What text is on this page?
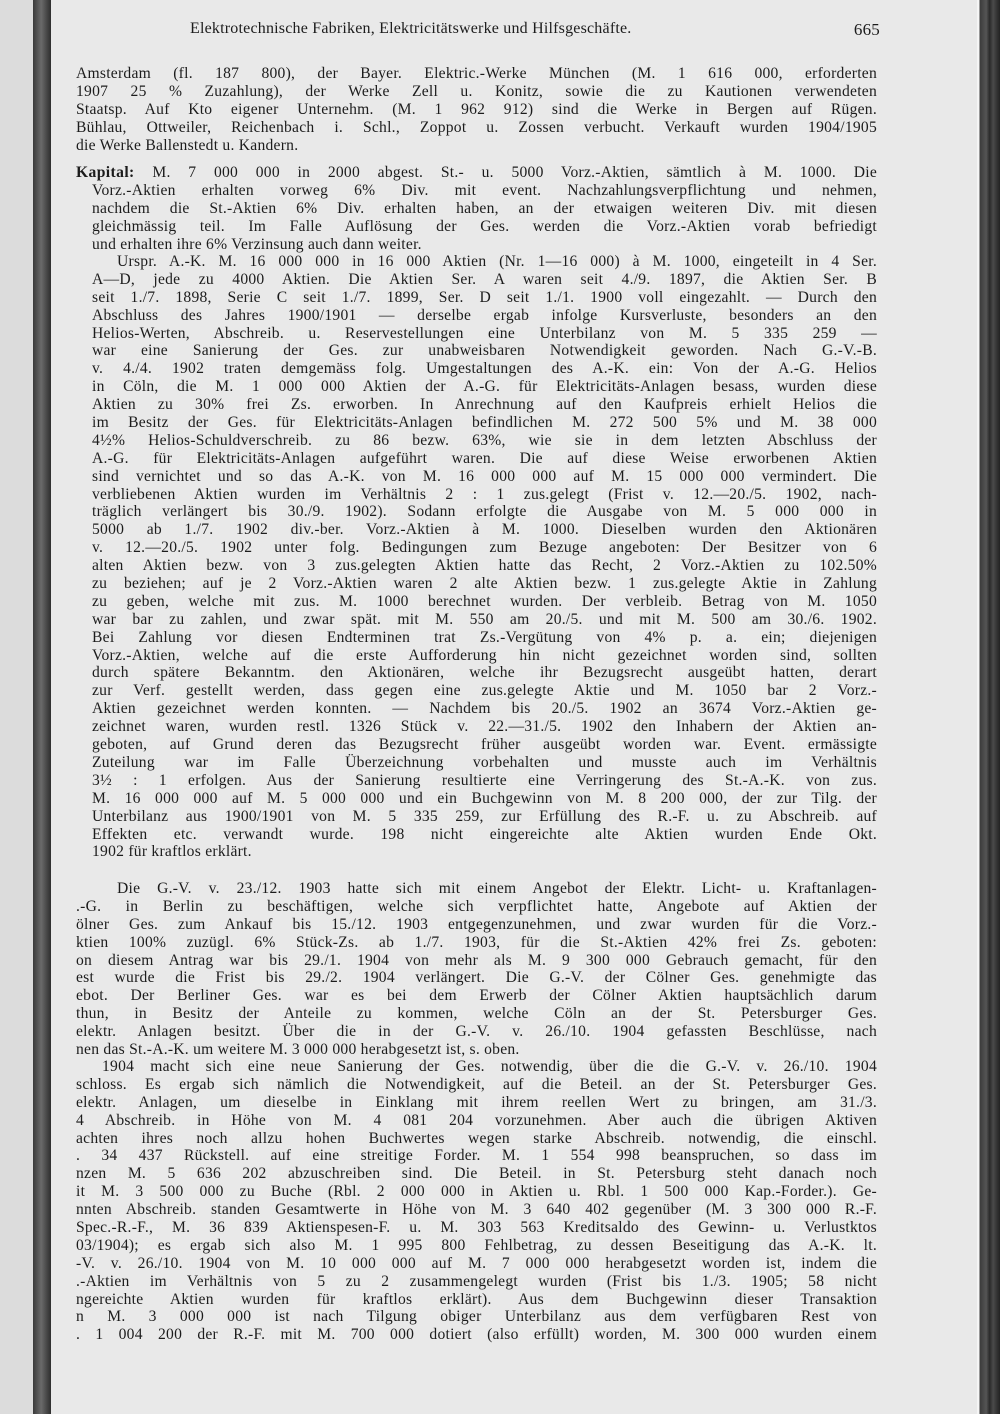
Elektrotechnische Fabriken, Elektricitätswerke und Hilfsgeschäfte.	665
Amsterdam (fl. 187 800), der Bayer. Elektric.-Werke München (M. 1 616 000, erforderten
1907 25 % Zuzahlung), der Werke Zell u. Konitz, sowie die zu Kautionen verwendeten
Staatsp. Auf Kto eigener Unternehm. (M. 1 962 912) sind die Werke in Bergen auf Rügen.
Bühlau, Ottweiler, Reichenbach i. Schl., Zoppot u. Zossen verbucht. Verkauft wurden 1904/1905
die Werke Ballenstedt u. Kandern.
Kapital: M. 7 000 000 in 2000 abgest. St.- u. 5000 Vorz.-Aktien, sämtlich à M. 1000. Die
Vorz.-Aktien erhalten vorweg 6% Div. mit event. Nachzahlungsverpflichtung und nehmen,
nachdem die St.-Aktien 6% Div. erhalten haben, an der etwaigen weiteren Div. mit diesen
gleichmässig teil. Im Falle Auflösung der Ges. werden die Vorz.-Aktien vorab befriedigt
und erhalten ihre 6% Verzinsung auch dann weiter.
Urspr. A.-K. M. 16 000 000 in 16 000 Aktien (Nr. 1—16 000) à M. 1000, eingeteilt in 4 Ser.
A—D, jede zu 4000 Aktien. Die Aktien Ser. A waren seit 4./9. 1897, die Aktien Ser. B
seit 1./7. 1898, Serie C seit 1./7. 1899, Ser. D seit 1./1. 1900 voll eingezahlt. — Durch den
Abschluss des Jahres 1900/1901 — derselbe ergab infolge Kursverluste, besonders an den
Helios-Werten, Abschreib. u. Reservestellungen eine Unterbilanz von M. 5 335 259 —
war eine Sanierung der Ges. zur unabweisbaren Notwendigkeit geworden. Nach G.-V.-B.
v. 4./4. 1902 traten demgemäss folg. Umgestaltungen des A.-K. ein: Von der A.-G. Helios
in Cöln, die M. 1 000 000 Aktien der A.-G. für Elektricitäts-Anlagen besass, wurden diese
Aktien zu 30% frei Zs. erworben. In Anrechnung auf den Kaufpreis erhielt Helios die
im Besitz der Ges. für Elektricitäts-Anlagen befindlichen M. 272 500 5% und M. 38 000
4½% Helios-Schuldverschreib. zu 86 bezw. 63%, wie sie in dem letzten Abschluss der
A.-G. für Elektricitäts-Anlagen aufgeführt waren. Die auf diese Weise erworbenen Aktien
sind vernichtet und so das A.-K. von M. 16 000 000 auf M. 15 000 000 vermindert. Die
verbliebenen Aktien wurden im Verhältnis 2 : 1 zus.gelegt (Frist v. 12.—20./5. 1902, nach-
träglich verlängert bis 30./9. 1902). Sodann erfolgte die Ausgabe von M. 5 000 000 in
5000 ab 1./7. 1902 div.-ber. Vorz.-Aktien à M. 1000. Dieselben wurden den Aktionären
v. 12.—20./5. 1902 unter folg. Bedingungen zum Bezuge angeboten: Der Besitzer von 6
alten Aktien bezw. von 3 zus.gelegten Aktien hatte das Recht, 2 Vorz.-Aktien zu 102.50%
zu beziehen; auf je 2 Vorz.-Aktien waren 2 alte Aktien bezw. 1 zus.gelegte Aktie in Zahlung
zu geben, welche mit zus. M. 1000 berechnet wurden. Der verbleib. Betrag von M. 1050
war bar zu zahlen, und zwar spät. mit M. 550 am 20./5. und mit M. 500 am 30./6. 1902.
Bei Zahlung vor diesen Endterminen trat Zs.-Vergütung von 4% p. a. ein; diejenigen
Vorz.-Aktien, welche auf die erste Aufforderung hin nicht gezeichnet worden sind, sollten
durch spätere Bekanntm. den Aktionären, welche ihr Bezugsrecht ausgeübt hatten, derart
zur Verf. gestellt werden, dass gegen eine zus.gelegte Aktie und M. 1050 bar 2 Vorz.-
Aktien gezeichnet werden konnten. — Nachdem bis 20./5. 1902 an 3674 Vorz.-Aktien ge-
zeichnet waren, wurden restl. 1326 Stück v. 22.—31./5. 1902 den Inhabern der Aktien an-
geboten, auf Grund deren das Bezugsrecht früher ausgeübt worden war. Event. ermässigte
Zuteilung war im Falle Überzeichnung vorbehalten und musste auch im Verhältnis
3½ : 1 erfolgen. Aus der Sanierung resultierte eine Verringerung des St.-A.-K. von zus.
M. 16 000 000 auf M. 5 000 000 und ein Buchgewinn von M. 8 200 000, der zur Tilg. der
Unterbilanz aus 1900/1901 von M. 5 335 259, zur Erfüllung des R.-F. u. zu Abschreib. auf
Effekten etc. verwandt wurde. 198 nicht eingereichte alte Aktien wurden Ende Okt.
1902 für kraftlos erklärt.
Die G.-V. v. 23./12. 1903 hatte sich mit einem Angebot der Elektr. Licht- u. Kraftanlagen-
.-G. in Berlin zu beschäftigen, welche sich verpflichtet hatte, Angebote auf Aktien der
ölner Ges. zum Ankauf bis 15./12. 1903 entgegenzunehmen, und zwar wurden für die Vorz.-
ktien 100% zuzügl. 6% Stück-Zs. ab 1./7. 1903, für die St.-Aktien 42% frei Zs. geboten:
on diesem Antrag war bis 29./1. 1904 von mehr als M. 9 300 000 Gebrauch gemacht, für den
est wurde die Frist bis 29./2. 1904 verlängert. Die G.-V. der Cölner Ges. genehmigte das
ebot. Der Berliner Ges. war es bei dem Erwerb der Cölner Aktien hauptsächlich darum
thun, in Besitz der Anteile zu kommen, welche Cöln an der St. Petersburger Ges.
elektr. Anlagen besitzt. Über die in der G.-V. v. 26./10. 1904 gefassten Beschlüsse, nach
nen das St.-A.-K. um weitere M. 3 000 000 herabgesetzt ist, s. oben.
1904 macht sich eine neue Sanierung der Ges. notwendig, über die die G.-V. v. 26./10. 1904
schloss. Es ergab sich nämlich die Notwendigkeit, auf die Beteil. an der St. Petersburger Ges.
elektr. Anlagen, um dieselbe in Einklang mit ihrem reellen Wert zu bringen, am 31./3.
4 Abschreib. in Höhe von M. 4 081 204 vorzunehmen. Aber auch die übrigen Aktiven
achten ihres noch allzu hohen Buchwertes wegen starke Abschreib. notwendig, die einschl.
. 34 437 Rückstell. auf eine streitige Forder. M. 1 554 998 beanspruchen, so dass im
nzen M. 5 636 202 abzuschreiben sind. Die Beteil. in St. Petersburg steht danach noch
it M. 3 500 000 zu Buche (Rbl. 2 000 000 in Aktien u. Rbl. 1 500 000 Kap.-Forder.). Ge-
nnten Abschreib. standen Gesamtwerte in Höhe von M. 3 640 402 gegenüber (M. 3 300 000 R.-F.
Spec.-R.-F., M. 36 839 Aktienspesen-F. u. M. 303 563 Kreditsaldo des Gewinn- u. Verlustktos
03/1904); es ergab sich also M. 1 995 800 Fehlbetrag, zu dessen Beseitigung das A.-K. lt.
-V. v. 26./10. 1904 von M. 10 000 000 auf M. 7 000 000 herabgesetzt worden ist, indem die
.-Aktien im Verhältnis von 5 zu 2 zusammengelegt wurden (Frist bis 1./3. 1905; 58 nicht
ngereichte Aktien wurden für kraftlos erklärt). Aus dem Buchgewinn dieser Transaktion
n M. 3 000 000 ist nach Tilgung obiger Unterbilanz aus dem verfügbaren Rest von
. 1 004 200 der R.-F. mit M. 700 000 dotiert (also erfüllt) worden, M. 300 000 wurden einem
